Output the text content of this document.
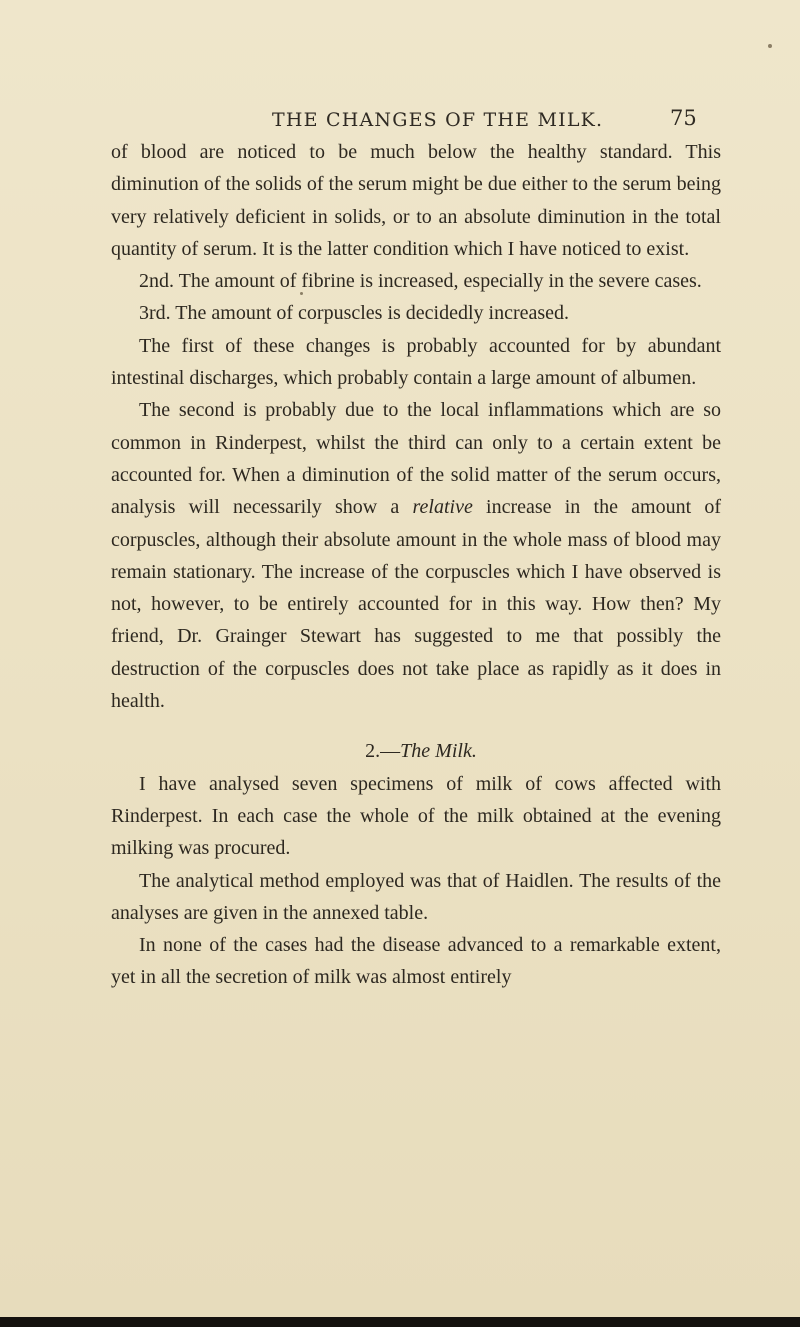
THE CHANGES OF THE MILK.	75

of blood are noticed to be much below the healthy standard. This diminution of the solids of the serum might be due either to the serum being very relatively deficient in solids, or to an absolute diminution in the total quantity of serum. It is the latter condition which I have noticed to exist.

2nd. The amount of fibrine is increased, especially in the severe cases.

3rd. The amount of corpuscles is decidedly increased.

The first of these changes is probably accounted for by abundant intestinal discharges, which probably contain a large amount of albumen.

The second is probably due to the local inflammations which are so common in Rinderpest, whilst the third can only to a certain extent be accounted for. When a diminution of the solid matter of the serum occurs, analysis will necessarily show a relative increase in the amount of corpuscles, although their absolute amount in the whole mass of blood may remain stationary. The increase of the corpuscles which I have observed is not, however, to be entirely accounted for in this way. How then? My friend, Dr. Grainger Stewart has suggested to me that possibly the destruction of the corpuscles does not take place as rapidly as it does in health.

2.—The Milk.

I have analysed seven specimens of milk of cows affected with Rinderpest. In each case the whole of the milk obtained at the evening milking was procured.

The analytical method employed was that of Haidlen. The results of the analyses are given in the annexed table.

In none of the cases had the disease advanced to a remarkable extent, yet in all the secretion of milk was almost entirely
